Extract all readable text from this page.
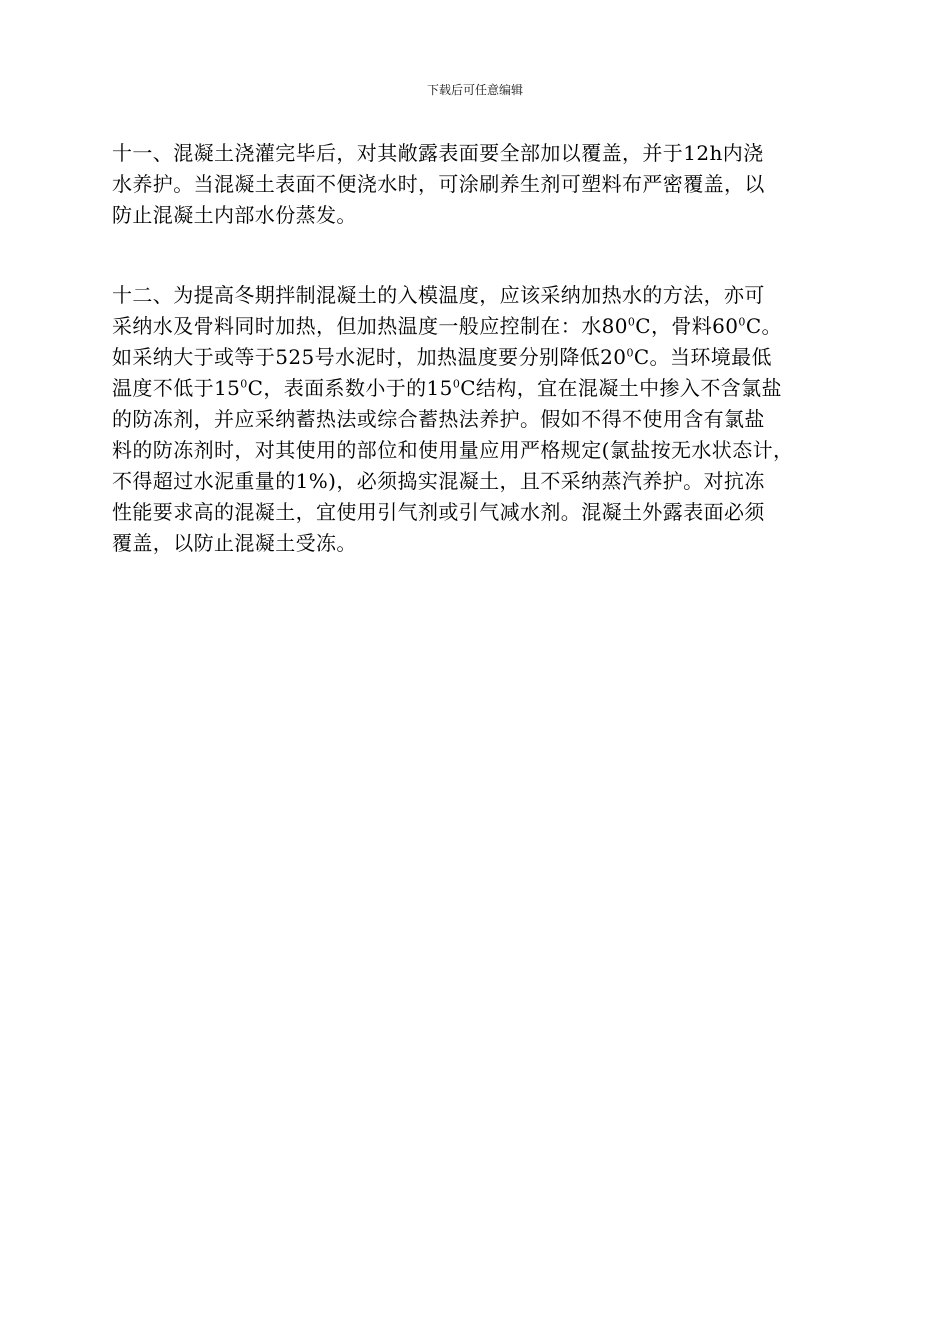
下载后可任意编辑
十一、混凝土浇灌完毕后，对其敞露表面要全部加以覆盖，并于12h内浇
水养护。当混凝土表面不便浇水时，可涂刷养生剂可塑料布严密覆盖，以
防止混凝土内部水份蒸发。
十二、为提高冬期拌制混凝土的入模温度，应该采纳加热水的方法，亦可
采纳水及骨料同时加热，但加热温度一般应控制在：水$80^0C$，骨料$60^0C$。
如采纳大于或等于525号水泥时，加热温度要分别降低$20^0C$。当环境最低
温度不低于$15^0C$，表面系数小于的$15^0C$结构，宜在混凝土中掺入不含氯盐
的防冻剂，并应采纳蓄热法或综合蓄热法养护。假如不得不使用含有氯盐
料的防冻剂时，对其使用的部位和使用量应用严格规定(氯盐按无水状态计，
不得超过水泥重量的1%)，必须捣实混凝土，且不采纳蒸汽养护。对抗冻
性能要求高的混凝土，宜使用引气剂或引气减水剂。混凝土外露表面必须
覆盖，以防止混凝土受冻。
